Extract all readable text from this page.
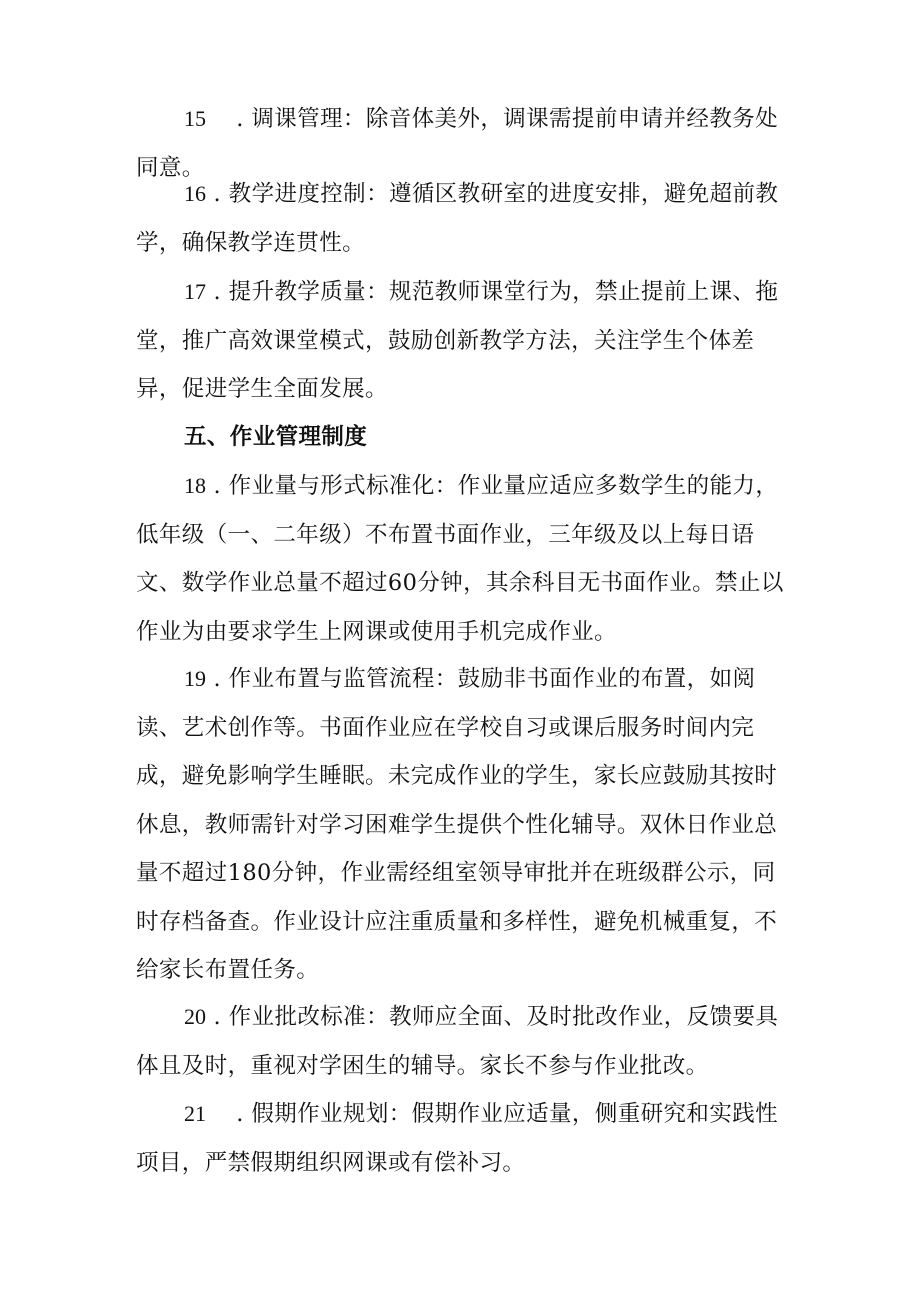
15    . 调课管理：除音体美外，调课需提前申请并经教务处同意。

16 . 教学进度控制：遵循区教研室的进度安排，避免超前教学，确保教学连贯性。

17 . 提升教学质量：规范教师课堂行为，禁止提前上课、拖堂，推广高效课堂模式，鼓励创新教学方法，关注学生个体差异，促进学生全面发展。

五、作业管理制度

18 . 作业量与形式标准化：作业量应适应多数学生的能力，低年级（一、二年级）不布置书面作业，三年级及以上每日语文、数学作业总量不超过60分钟，其余科目无书面作业。禁止以作业为由要求学生上网课或使用手机完成作业。

19 . 作业布置与监管流程：鼓励非书面作业的布置，如阅读、艺术创作等。书面作业应在学校自习或课后服务时间内完成，避免影响学生睡眠。未完成作业的学生，家长应鼓励其按时休息，教师需针对学习困难学生提供个性化辅导。双休日作业总量不超过180分钟，作业需经组室领导审批并在班级群公示，同时存档备查。作业设计应注重质量和多样性，避免机械重复，不给家长布置任务。

20 . 作业批改标准：教师应全面、及时批改作业，反馈要具体且及时，重视对学困生的辅导。家长不参与作业批改。

21    . 假期作业规划：假期作业应适量，侧重研究和实践性项目，严禁假期组织网课或有偿补习。
